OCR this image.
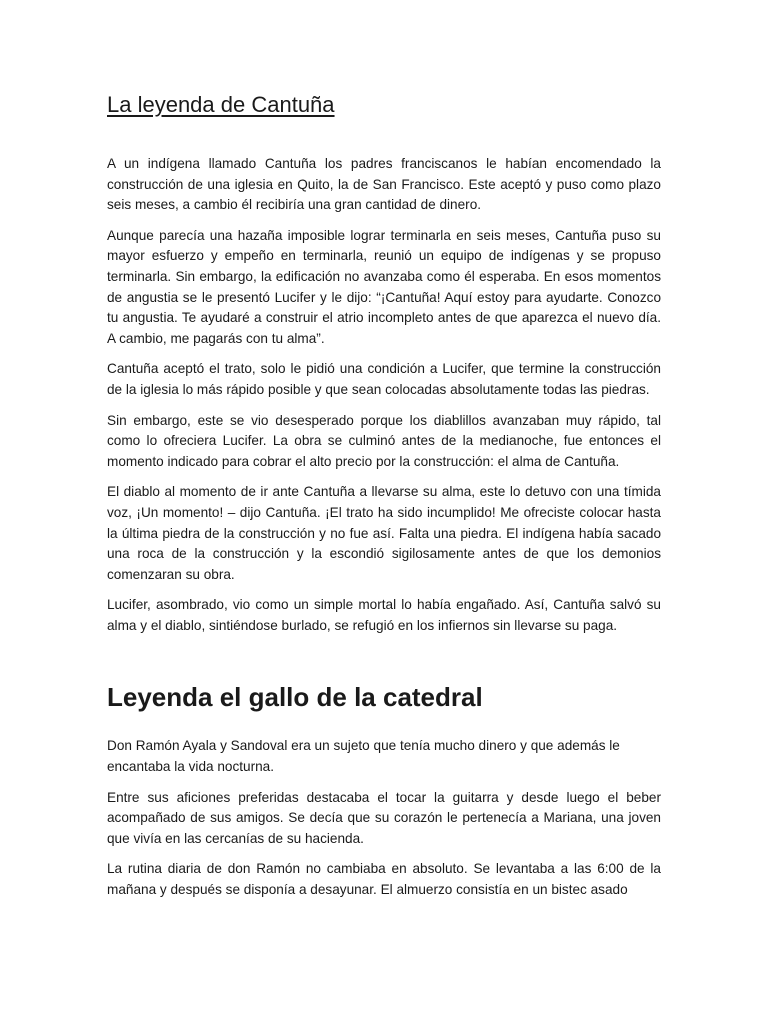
La leyenda de Cantuña

A un indígena llamado Cantuña los padres franciscanos le habían encomendado la construcción de una iglesia en Quito, la de San Francisco. Este aceptó y puso como plazo seis meses, a cambio él recibiría una gran cantidad de dinero.

Aunque parecía una hazaña imposible lograr terminarla en seis meses, Cantuña puso su mayor esfuerzo y empeño en terminarla, reunió un equipo de indígenas y se propuso terminarla. Sin embargo, la edificación no avanzaba como él esperaba. En esos momentos de angustia se le presentó Lucifer y le dijo: “¡Cantuña! Aquí estoy para ayudarte. Conozco tu angustia. Te ayudaré a construir el atrio incompleto antes de que aparezca el nuevo día. A cambio, me pagarás con tu alma”.

Cantuña aceptó el trato, solo le pidió una condición a Lucifer, que termine la construcción de la iglesia lo más rápido posible y que sean colocadas absolutamente todas las piedras.

Sin embargo, este se vio desesperado porque los diablillos avanzaban muy rápido, tal como lo ofreciera Lucifer. La obra se culminó antes de la medianoche, fue entonces el momento indicado para cobrar el alto precio por la construcción: el alma de Cantuña.

El diablo al momento de ir ante Cantuña a llevarse su alma, este lo detuvo con una tímida voz, ¡Un momento! – dijo Cantuña. ¡El trato ha sido incumplido! Me ofreciste colocar hasta la última piedra de la construcción y no fue así. Falta una piedra. El indígena había sacado una roca de la construcción y la escondió sigilosamente antes de que los demonios comenzaran su obra.

Lucifer, asombrado, vio como un simple mortal lo había engañado. Así, Cantuña salvó su alma y el diablo, sintiéndose burlado, se refugió en los infiernos sin llevarse su paga.

Leyenda el gallo de la catedral

Don Ramón Ayala y Sandoval era un sujeto que tenía mucho dinero y que además le encantaba la vida nocturna.

Entre sus aficiones preferidas destacaba el tocar la guitarra y desde luego el beber acompañado de sus amigos. Se decía que su corazón le pertenecía a Mariana, una joven que vivía en las cercanías de su hacienda.

La rutina diaria de don Ramón no cambiaba en absoluto. Se levantaba a las 6:00 de la mañana y después se disponía a desayunar. El almuerzo consistía en un bistec asado
